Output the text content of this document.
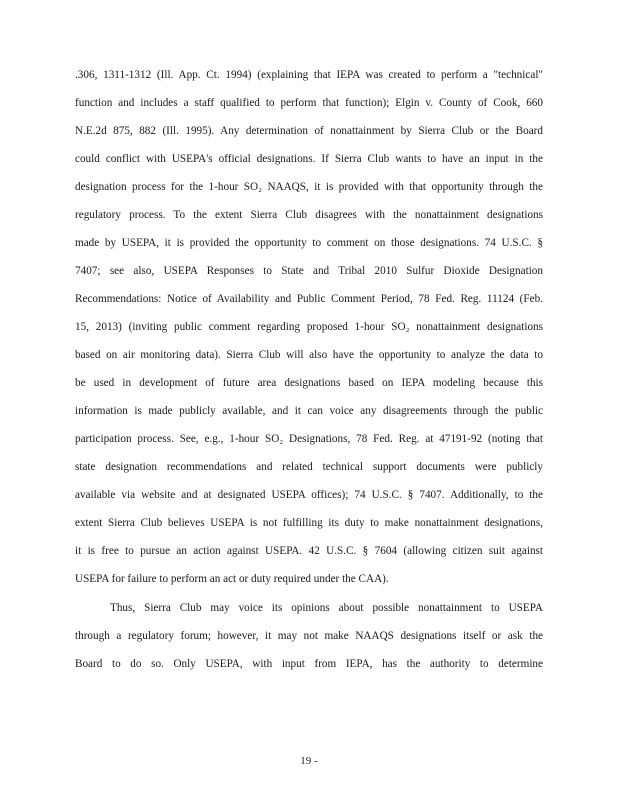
.306, 1311-1312 (Ill. App. Ct. 1994) (explaining that IEPA was created to perform a "technical"
function and includes a staff qualified to perform that function); Elgin v. County of Cook, 660
N.E.2d 875, 882 (Ill. 1995). Any determination of nonattainment by Sierra Club or the Board
could conflict with USEPA's official designations. If Sierra Club wants to have an input in the
designation process for the 1-hour SO₂ NAAQS, it is provided with that opportunity through the
regulatory process. To the extent Sierra Club disagrees with the nonattainment designations
made by USEPA, it is provided the opportunity to comment on those designations. 74 U.S.C. §
7407; see also, USEPA Responses to State and Tribal 2010 Sulfur Dioxide Designation
Recommendations: Notice of Availability and Public Comment Period, 78 Fed. Reg. 11124 (Feb.
15, 2013) (inviting public comment regarding proposed 1-hour SO₂ nonattainment designations
based on air monitoring data). Sierra Club will also have the opportunity to analyze the data to
be used in development of future area designations based on IEPA modeling because this
information is made publicly available, and it can voice any disagreements through the public
participation process. See, e.g., 1-hour SO₂ Designations, 78 Fed. Reg. at 47191-92 (noting that
state designation recommendations and related technical support documents were publicly
available via website and at designated USEPA offices); 74 U.S.C. § 7407. Additionally, to the
extent Sierra Club believes USEPA is not fulfilling its duty to make nonattainment designations,
it is free to pursue an action against USEPA. 42 U.S.C. § 7604 (allowing citizen suit against
USEPA for failure to perform an act or duty required under the CAA).
Thus, Sierra Club may voice its opinions about possible nonattainment to USEPA
through a regulatory forum; however, it may not make NAAQS designations itself or ask the
Board to do so. Only USEPA, with input from IEPA, has the authority to determine
19 -
